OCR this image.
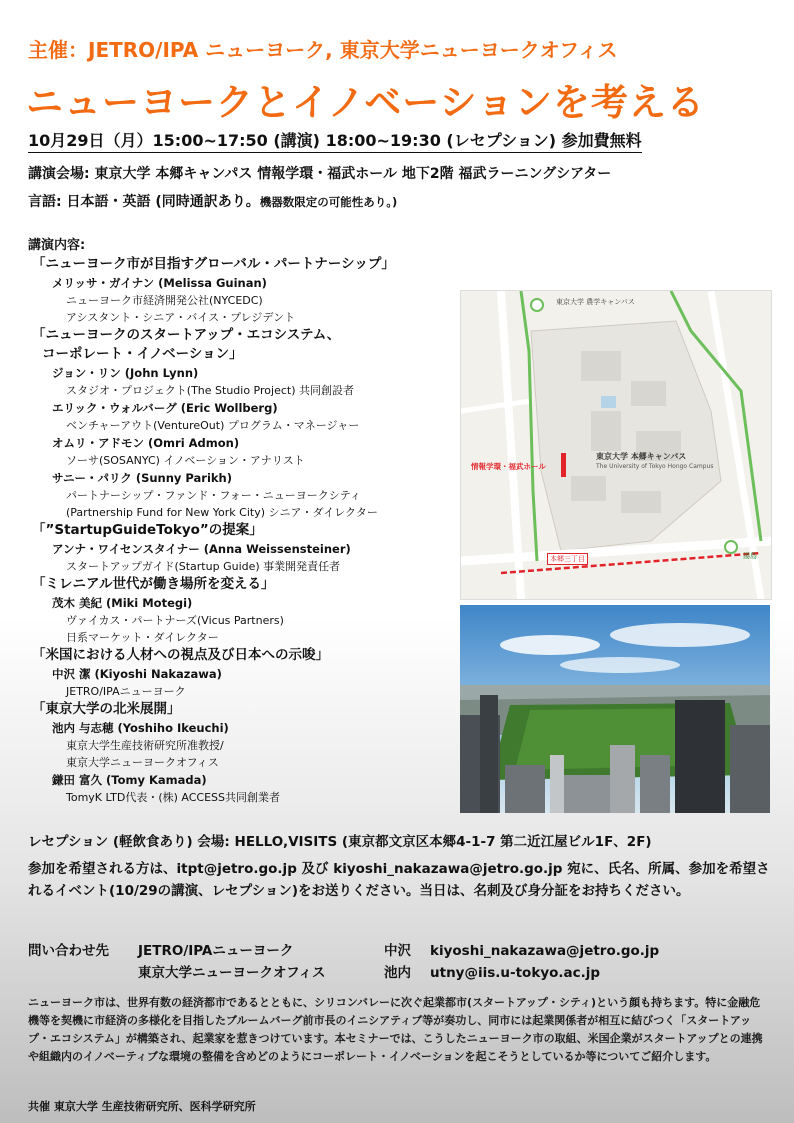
主催：JETRO/IPA ニューヨーク, 東京大学ニューヨークオフィス
ニューヨークとイノベーションを考える
10月29日（月）15:00~17:50 (講演) 18:00~19:30 (レセプション) 参加費無料
講演会場: 東京大学 本郷キャンパス 情報学環・福武ホール 地下2階 福武ラーニングシアター
言語: 日本語・英語 (同時通訳あり。機器数限定の可能性あり。)
講演内容:
「ニューヨーク市が目指すグローバル・パートナーシップ」
メリッサ・ガイナン (Melissa Guinan)
ニューヨーク市経済開発公社(NYCEDC)
アシスタント・シニア・バイス・プレジデント
「ニューヨークのスタートアップ・エコシステム、
コーポレート・イノベーション」
ジョン・リン (John Lynn)
スタジオ・プロジェクト(The Studio Project) 共同創設者
エリック・ウォルバーグ (Eric Wollberg)
ベンチャーアウト(VentureOut) プログラム・マネージャー
オムリ・アドモン (Omri Admon)
ソーサ(SOSANYC) イノベーション・アナリスト
サニー・パリク (Sunny Parikh)
パートナーシップ・ファンド・フォー・ニューヨークシティ
(Partnership Fund for New York City) シニア・ダイレクター
「”StartupGuideTokyo”の提案」
アンナ・ワイセンスタイナー (Anna Weissensteiner)
スタートアップガイド(Startup Guide) 事業開発責任者
「ミレニアル世代が働き場所を変える」
茂木 美紀 (Miki Motegi)
ヴァイカス・パートナーズ(Vicus Partners)
日系マーケット・ダイレクター
「米国における人材への視点及び日本への示唆」
中沢 潔 (Kiyoshi Nakazawa)
JETRO/IPAニューヨーク
「東京大学の北米展開」
池内 与志穂 (Yoshiho Ikeuchi)
東京大学生産技術研究所准教授/
東京大学ニューヨークオフィス
鎌田 富久 (Tomy Kamada)
TomyK LTD代表・(株) ACCESS共同創業者
東京大学 農学キャンパス
東京大学 本郷キャンパス
The University of Tokyo Hongo Campus
情報学環・福武ホール
本郷三丁目	湯島
レセプション (軽飲食あり) 会場: HELLO,VISITS (東京都文京区本郷4-1-7 第二近江屋ビル1F、2F)
参加を希望される方は、itpt@jetro.go.jp 及び kiyoshi_nakazawa@jetro.go.jp 宛に、氏名、所属、参加を希望されるイベント(10/29の講演、レセプション)をお送りください。当日は、名刺及び身分証をお持ちください。
問い合わせ先 JETRO/IPAニューヨーク	中沢 kiyoshi_nakazawa@jetro.go.jp
東京大学ニューヨークオフィス	池内 utny@iis.u-tokyo.ac.jp
ニューヨーク市は、世界有数の経済都市であるとともに、シリコンバレーに次ぐ起業都市(スタートアップ・シティ)という顔も持ちます。特に金融危機等を契機に市経済の多様化を目指したブルームバーグ前市長のイニシアティブ等が奏功し、同市には起業関係者が相互に結びつく「スタートアップ・エコシステム」が構築され、起業家を惹きつけています。本セミナーでは、こうしたニューヨーク市の取組、米国企業がスタートアップとの連携や組織内のイノベーティブな環境の整備を含めどのようにコーポレート・イノベーションを起こそうとしているか等についてご紹介します。
共催 東京大学 生産技術研究所、医科学研究所
